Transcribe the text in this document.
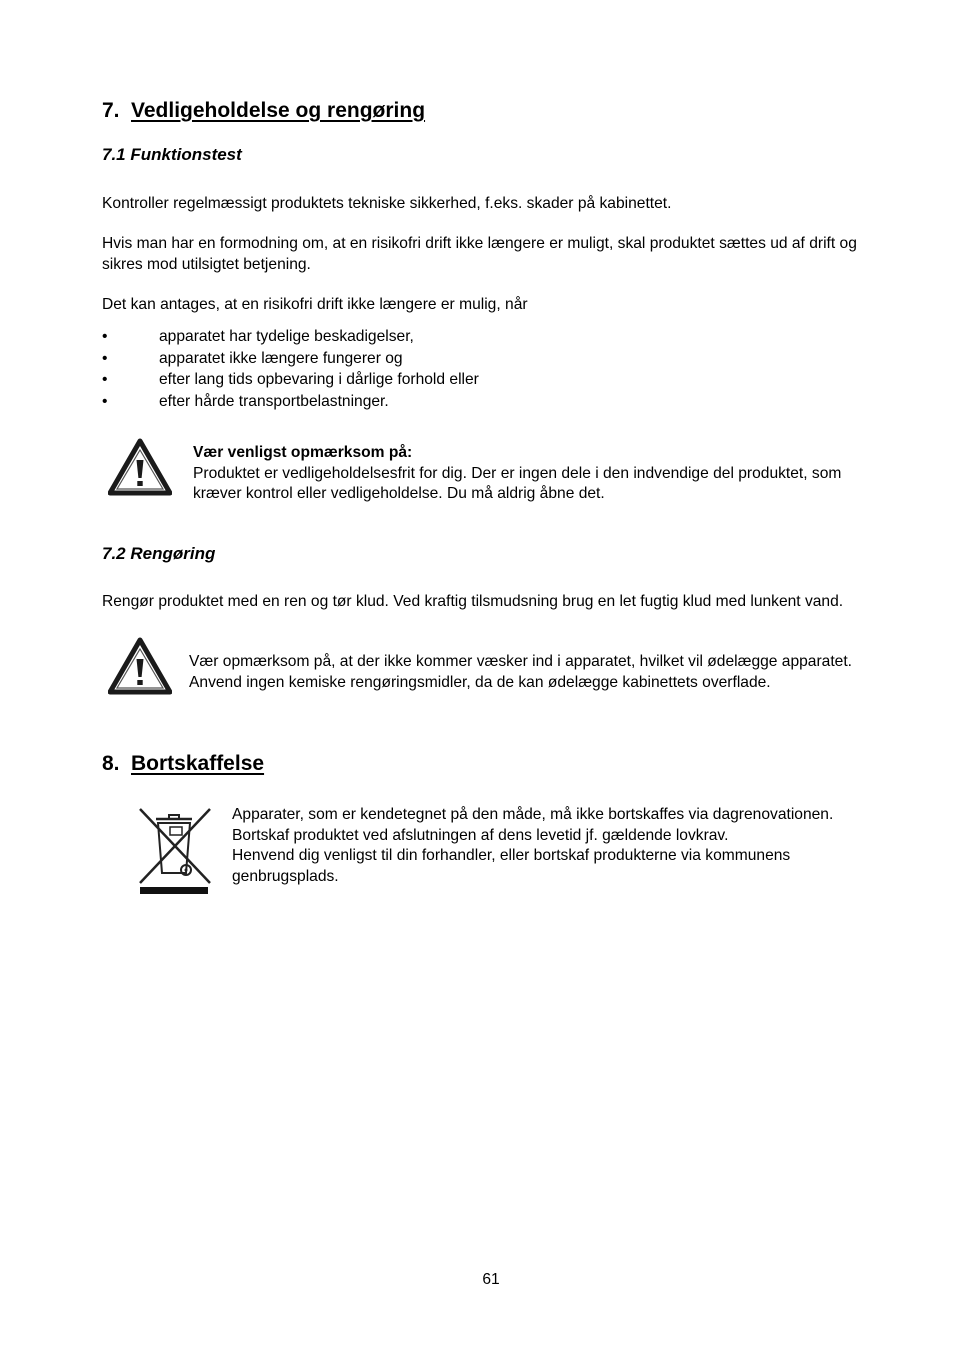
7. Vedligeholdelse og rengøring
7.1 Funktionstest
Kontroller regelmæssigt produktets tekniske sikkerhed, f.eks. skader på kabinettet.
Hvis man har en formodning om, at en risikofri drift ikke længere er muligt, skal produktet sættes ud af drift og sikres mod utilsigtet betjening.
Det kan antages, at en risikofri drift ikke længere er mulig, når
•	apparatet har tydelige beskadigelser,
•	apparatet ikke længere fungerer og
•	efter lang tids opbevaring i dårlige forhold eller
•	efter hårde transportbelastninger.
Vær venligst opmærksom på:
Produktet er vedligeholdelsesfrit for dig. Der er ingen dele i den indvendige del produktet, som kræver kontrol eller vedligeholdelse. Du må aldrig åbne det.
7.2 Rengøring
Rengør produktet med en ren og tør klud. Ved kraftig tilsmudsning brug en let fugtig klud med lunkent vand.
Vær opmærksom på, at der ikke kommer væsker ind i apparatet, hvilket vil ødelægge apparatet. Anvend ingen kemiske rengøringsmidler, da de kan ødelægge kabinettets overflade.
8. Bortskaffelse
Apparater, som er kendetegnet på den måde, må ikke bortskaffes via dagrenovationen. Bortskaf produktet ved afslutningen af dens levetid jf. gældende lovkrav.
Henvend dig venligst til din forhandler, eller bortskaf produkterne via kommunens genbrugsplads.
61
